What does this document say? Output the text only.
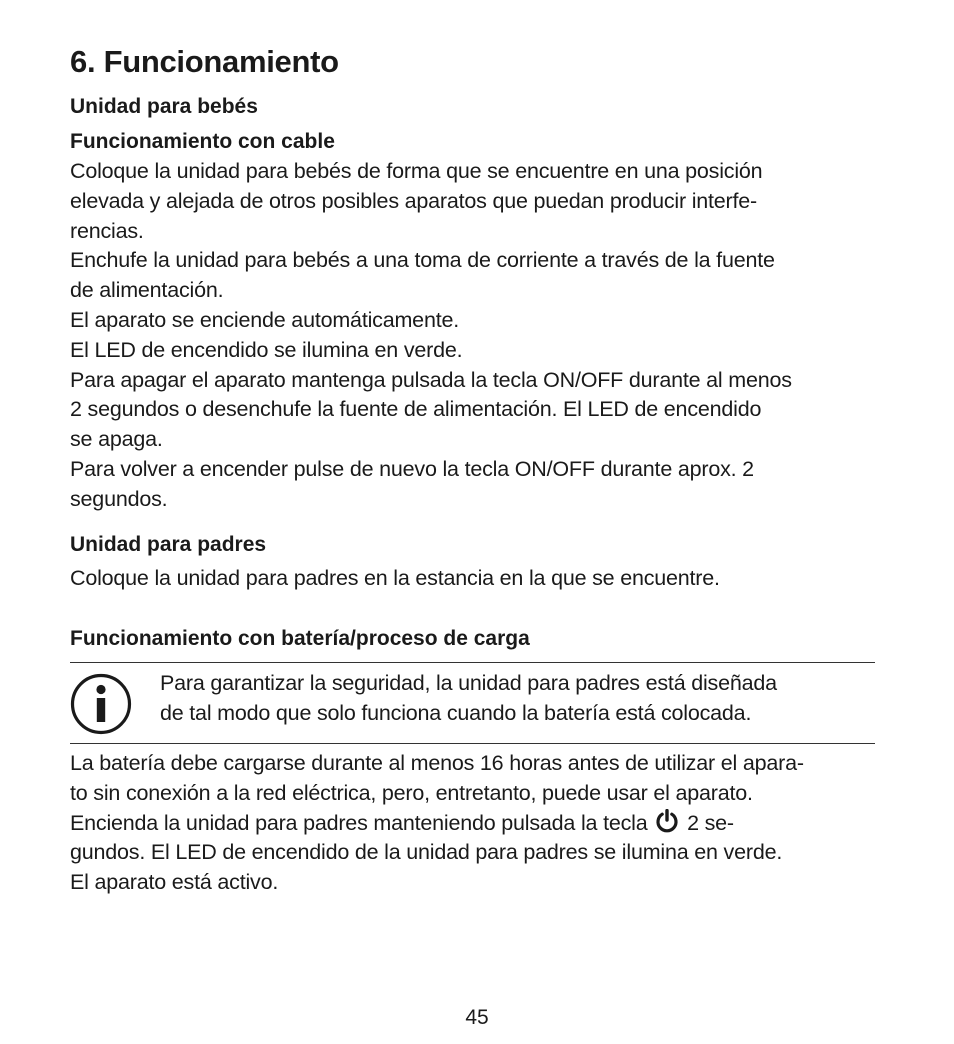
6. Funcionamiento
Unidad para bebés
Funcionamiento con cable
Coloque la unidad para bebés de forma que se encuentre en una posición
elevada y alejada de otros posibles aparatos que puedan producir interfe-
rencias.
Enchufe la unidad para bebés a una toma de corriente a través de la fuente
de alimentación.
El aparato se enciende automáticamente.
El LED de encendido se ilumina en verde.
Para apagar el aparato mantenga pulsada la tecla ON/OFF durante al menos
2 segundos o desenchufe la fuente de alimentación. El LED de encendido
se apaga.
Para volver a encender pulse de nuevo la tecla ON/OFF durante aprox. 2
segundos.
Unidad para padres
Coloque la unidad para padres en la estancia en la que se encuentre.
Funcionamiento con batería/proceso de carga
Para garantizar la seguridad, la unidad para padres está diseñada
de tal modo que solo funciona cuando la batería está colocada.
La batería debe cargarse durante al menos 16 horas antes de utilizar el apara-
to sin conexión a la red eléctrica, pero, entretanto, puede usar el aparato.
Encienda la unidad para padres manteniendo pulsada la tecla 2 se-
gundos. El LED de encendido de la unidad para padres se ilumina en verde.
El aparato está activo.
45
